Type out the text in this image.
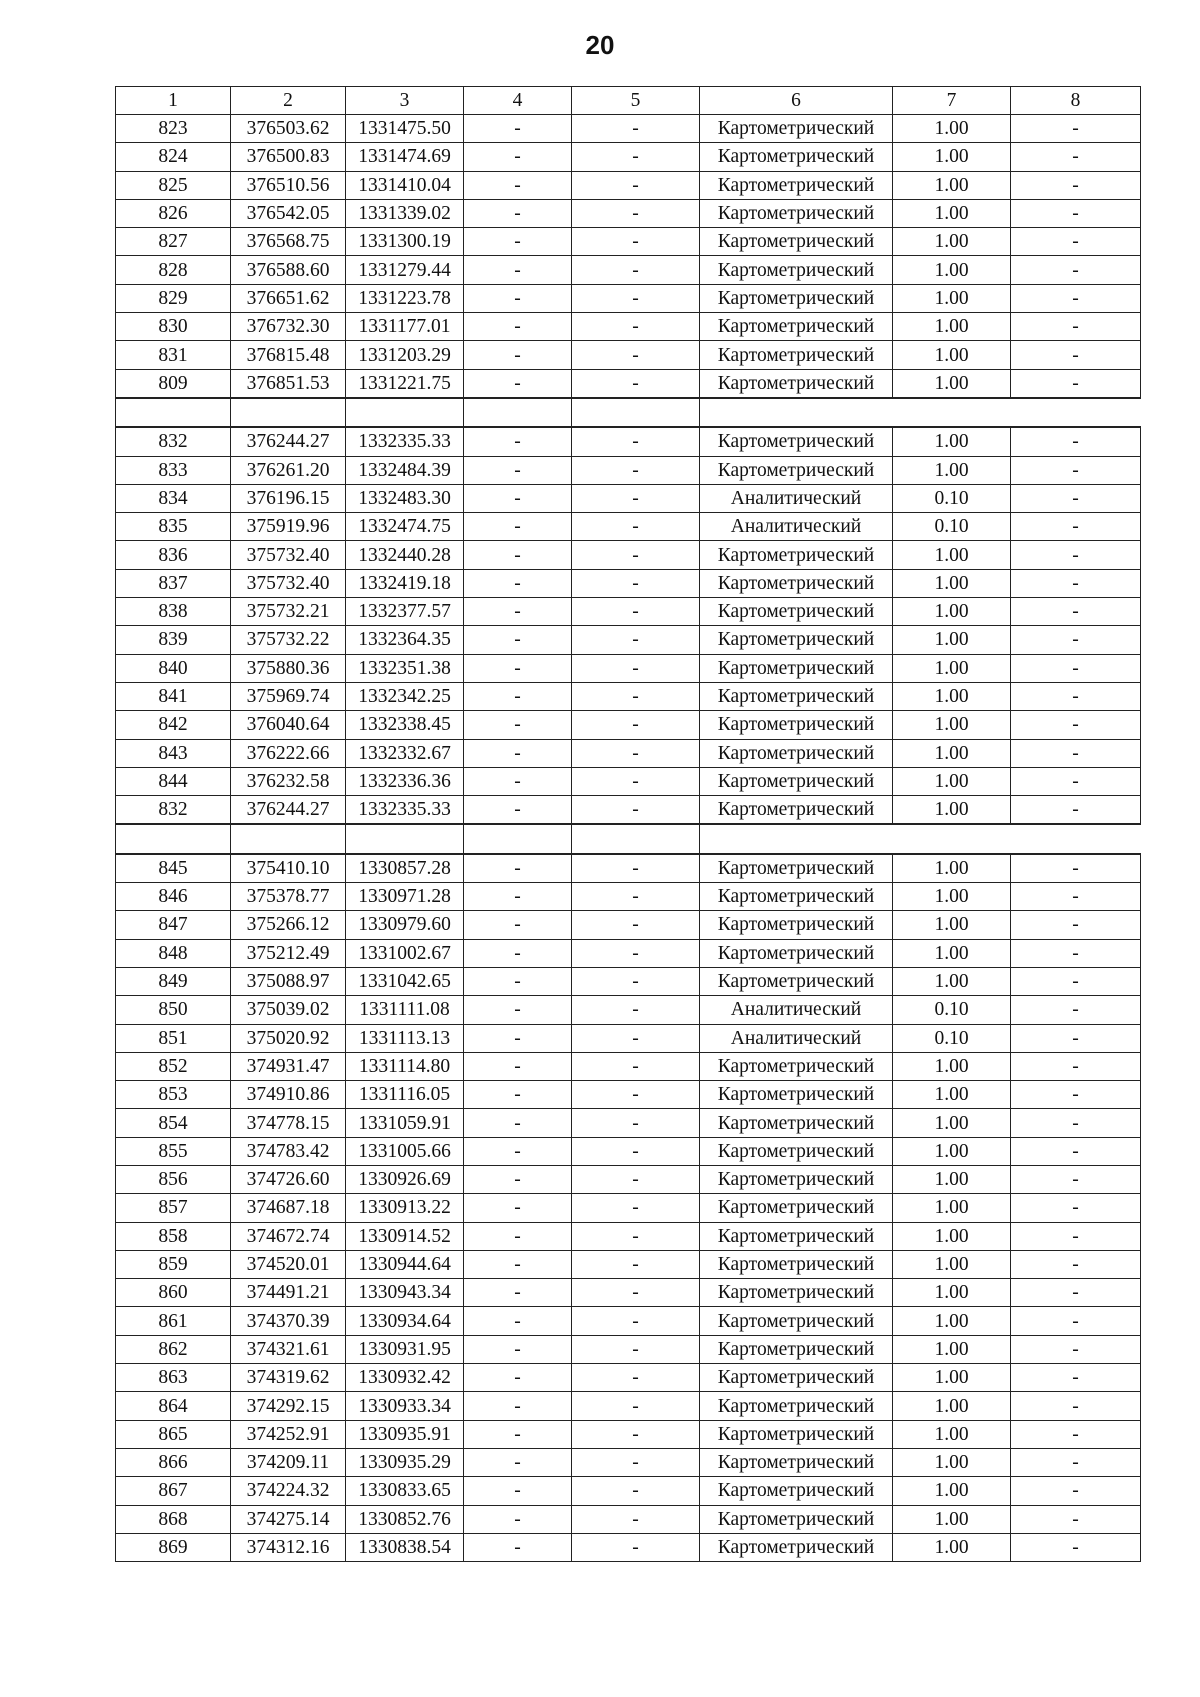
20
1	2	3	4	5	6	7	8
823	376503.62	1331475.50	-	-	Картометрический	1.00	-
824	376500.83	1331474.69	-	-	Картометрический	1.00	-
825	376510.56	1331410.04	-	-	Картометрический	1.00	-
826	376542.05	1331339.02	-	-	Картометрический	1.00	-
827	376568.75	1331300.19	-	-	Картометрический	1.00	-
828	376588.60	1331279.44	-	-	Картометрический	1.00	-
829	376651.62	1331223.78	-	-	Картометрический	1.00	-
830	376732.30	1331177.01	-	-	Картометрический	1.00	-
831	376815.48	1331203.29	-	-	Картометрический	1.00	-
809	376851.53	1331221.75	-	-	Картометрический	1.00	-

832	376244.27	1332335.33	-	-	Картометрический	1.00	-
833	376261.20	1332484.39	-	-	Картометрический	1.00	-
834	376196.15	1332483.30	-	-	Аналитический	0.10	-
835	375919.96	1332474.75	-	-	Аналитический	0.10	-
836	375732.40	1332440.28	-	-	Картометрический	1.00	-
837	375732.40	1332419.18	-	-	Картометрический	1.00	-
838	375732.21	1332377.57	-	-	Картометрический	1.00	-
839	375732.22	1332364.35	-	-	Картометрический	1.00	-
840	375880.36	1332351.38	-	-	Картометрический	1.00	-
841	375969.74	1332342.25	-	-	Картометрический	1.00	-
842	376040.64	1332338.45	-	-	Картометрический	1.00	-
843	376222.66	1332332.67	-	-	Картометрический	1.00	-
844	376232.58	1332336.36	-	-	Картометрический	1.00	-
832	376244.27	1332335.33	-	-	Картометрический	1.00	-

845	375410.10	1330857.28	-	-	Картометрический	1.00	-
846	375378.77	1330971.28	-	-	Картометрический	1.00	-
847	375266.12	1330979.60	-	-	Картометрический	1.00	-
848	375212.49	1331002.67	-	-	Картометрический	1.00	-
849	375088.97	1331042.65	-	-	Картометрический	1.00	-
850	375039.02	1331111.08	-	-	Аналитический	0.10	-
851	375020.92	1331113.13	-	-	Аналитический	0.10	-
852	374931.47	1331114.80	-	-	Картометрический	1.00	-
853	374910.86	1331116.05	-	-	Картометрический	1.00	-
854	374778.15	1331059.91	-	-	Картометрический	1.00	-
855	374783.42	1331005.66	-	-	Картометрический	1.00	-
856	374726.60	1330926.69	-	-	Картометрический	1.00	-
857	374687.18	1330913.22	-	-	Картометрический	1.00	-
858	374672.74	1330914.52	-	-	Картометрический	1.00	-
859	374520.01	1330944.64	-	-	Картометрический	1.00	-
860	374491.21	1330943.34	-	-	Картометрический	1.00	-
861	374370.39	1330934.64	-	-	Картометрический	1.00	-
862	374321.61	1330931.95	-	-	Картометрический	1.00	-
863	374319.62	1330932.42	-	-	Картометрический	1.00	-
864	374292.15	1330933.34	-	-	Картометрический	1.00	-
865	374252.91	1330935.91	-	-	Картометрический	1.00	-
866	374209.11	1330935.29	-	-	Картометрический	1.00	-
867	374224.32	1330833.65	-	-	Картометрический	1.00	-
868	374275.14	1330852.76	-	-	Картометрический	1.00	-
869	374312.16	1330838.54	-	-	Картометрический	1.00	-
